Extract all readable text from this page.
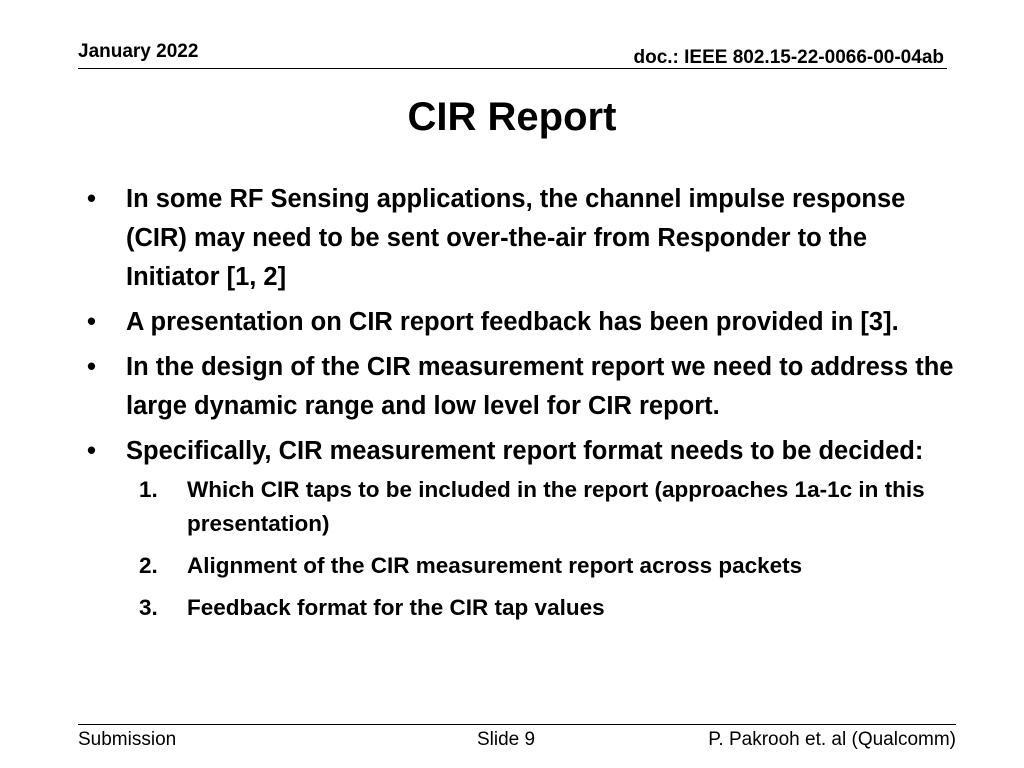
January 2022	doc.: IEEE 802.15-22-0066-00-04ab
CIR Report
• In some RF Sensing applications, the channel impulse response (CIR) may need to be sent over-the-air from Responder to the Initiator [1, 2]
• A presentation on CIR report feedback has been provided in [3].
• In the design of the CIR measurement report we need to address the large dynamic range and low level for CIR report.
• Specifically, CIR measurement report format needs to be decided:
1. Which CIR taps to be included in the report (approaches 1a-1c in this presentation)
2. Alignment of the CIR measurement report across packets
3. Feedback format for the CIR tap values
Submission	Slide 9	P. Pakrooh et. al (Qualcomm)
